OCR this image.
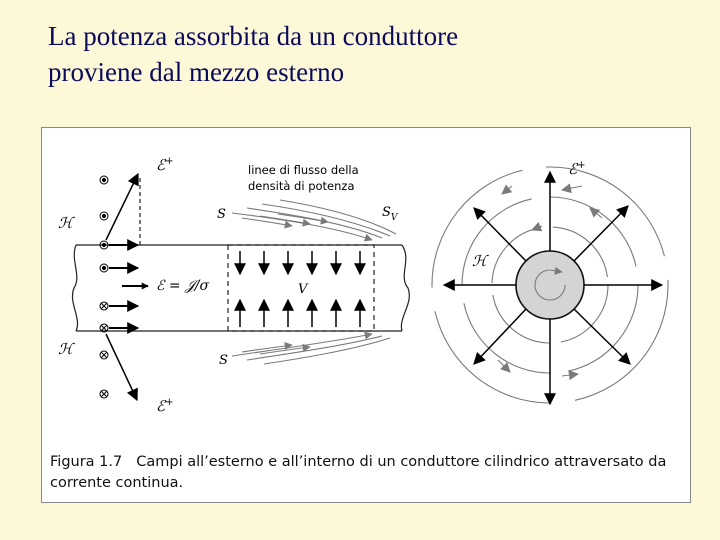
La potenza assorbita da un conduttore
proviene dal mezzo esterno
ℰ = 𝒥/σ	V
S
S
$S_V$
linee di flusso della
densità di potenza
ℰ+
ℰ+
ℋ
ℋ
ℰ+
ℋ
Figura 1.7 Campi all’esterno e all’interno di un conduttore cilindrico attraversato da
corrente continua.
